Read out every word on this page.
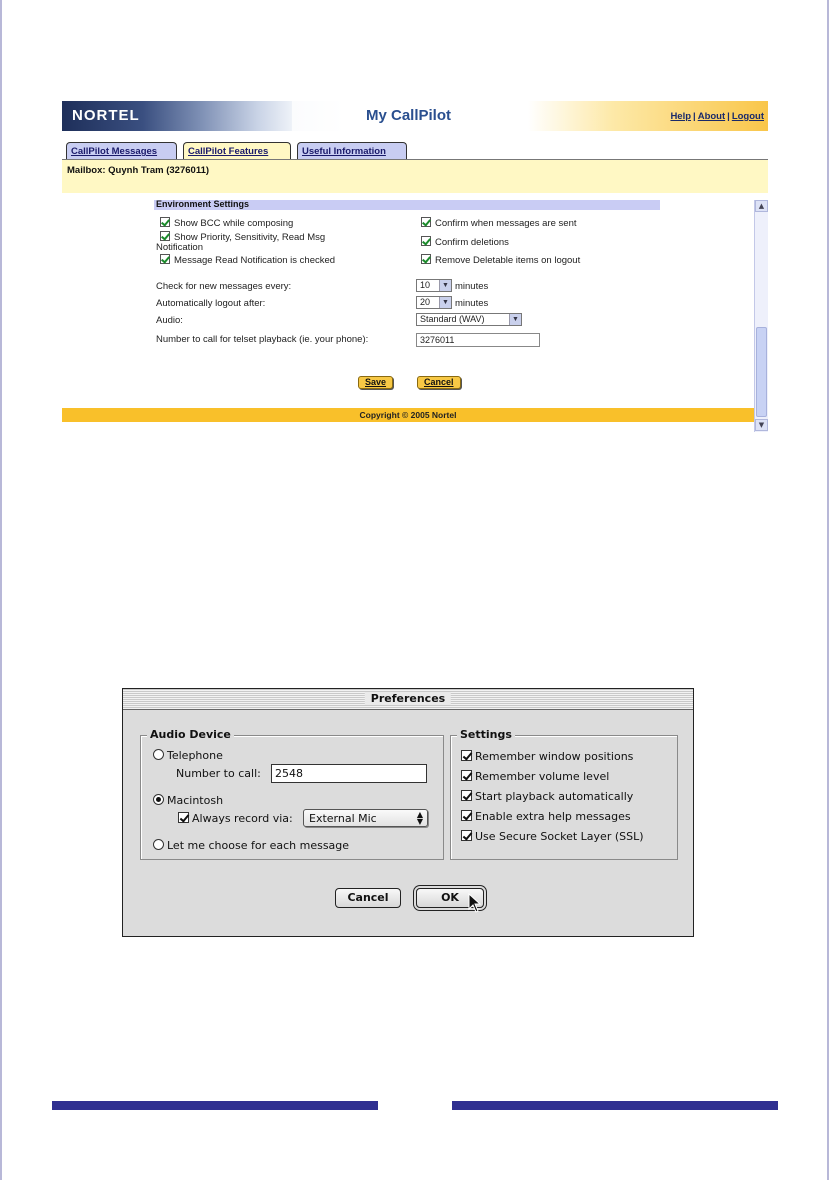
NORTEL	My CallPilot	Help | About | Logout
CallPilot Messages	CallPilot Features	Useful Information
Mailbox: Quynh Tram (3276011)
Environment Settings
Show BCC while composing
Show Priority, Sensitivity, Read Msg
Notification
Message Read Notification is checked
Confirm when messages are sent
Confirm deletions
Remove Deletable items on logout
Check for new messages every:	10	▼ minutes
Automatically logout after:	20	▼ minutes
Audio:	Standard (WAV)	▼
Number to call for telset playback (ie. your phone):	3276011
Save	Cancel
Copyright © 2005 Nortel
▲
▼
Preferences
Audio Device
Telephone
Number to call:	2548
Macintosh
Always record via:	External Mic	▲
▼
Let me choose for each message
Settings
Remember window positions
Remember volume level
Start playback automatically
Enable extra help messages
Use Secure Socket Layer (SSL)
Cancel	OK
